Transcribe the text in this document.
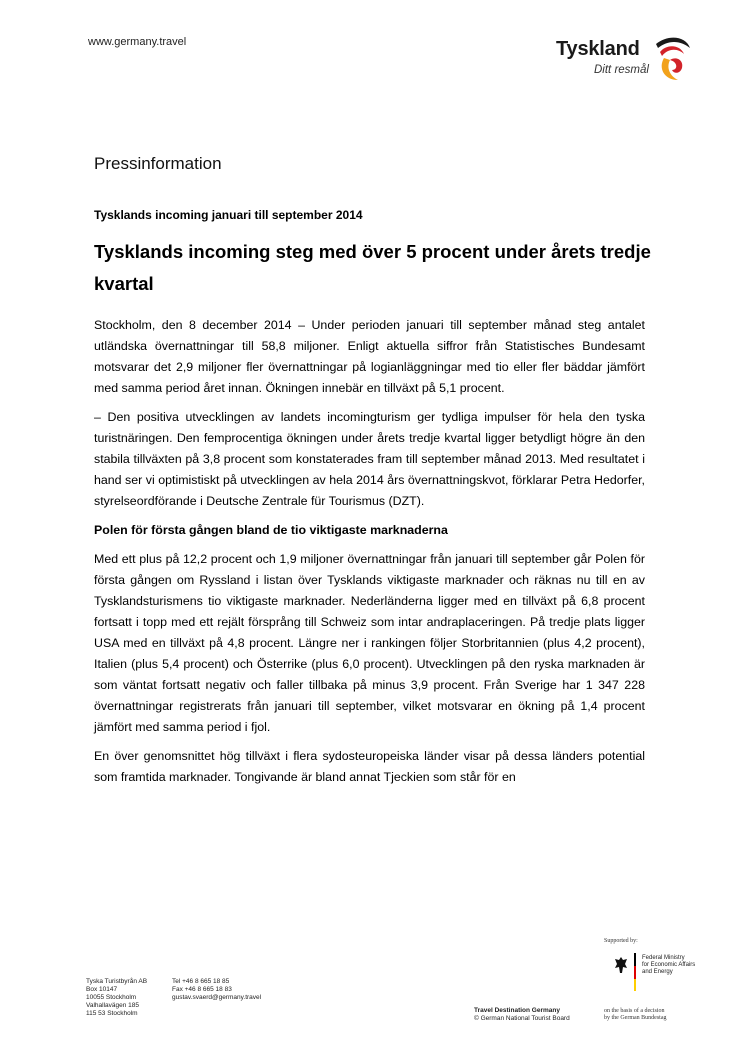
www.germany.travel	Tyskland
Ditt resmål
Pressinformation
Tysklands incoming januari till september 2014
Tysklands incoming steg med över 5 procent under årets tredje kvartal

Stockholm, den 8 december 2014 – Under perioden januari till september månad steg antalet utländska övernattningar till 58,8 miljoner. Enligt aktuella siffror från Statistisches Bundesamt motsvarar det 2,9 miljoner fler övernattningar på logianläggningar med tio eller fler bäddar jämfört med samma period året innan. Ökningen innebär en tillväxt på 5,1 procent.

– Den positiva utvecklingen av landets incomingturism ger tydliga impulser för hela den tyska turistnäringen. Den femprocentiga ökningen under årets tredje kvartal ligger betydligt högre än den stabila tillväxten på 3,8 procent som konstaterades fram till september månad 2013. Med resultatet i hand ser vi optimistiskt på utvecklingen av hela 2014 års övernattningskvot, förklarar Petra Hedorfer, styrelseordförande i Deutsche Zentrale für Tourismus (DZT).

Polen för första gången bland de tio viktigaste marknaderna

Med ett plus på 12,2 procent och 1,9 miljoner övernattningar från januari till september går Polen för första gången om Ryssland i listan över Tysklands viktigaste marknader och räknas nu till en av Tysklandsturismens tio viktigaste marknader. Nederländerna ligger med en tillväxt på 6,8 procent fortsatt i topp med ett rejält försprång till Schweiz som intar andraplaceringen. På tredje plats ligger USA med en tillväxt på 4,8 procent. Längre ner i rankingen följer Storbritannien (plus 4,2 procent), Italien (plus 5,4 procent) och Österrike (plus 6,0 procent). Utvecklingen på den ryska marknaden är som väntat fortsatt negativ och faller tillbaka på minus 3,9 procent. Från Sverige har 1 347 228 övernattningar registrerats från januari till september, vilket motsvarar en ökning på 1,4 procent jämfört med samma period i fjol.

En över genomsnittet hög tillväxt i flera sydosteuropeiska länder visar på dessa länders potential som framtida marknader. Tongivande är bland annat Tjeckien som står för en

Tyska Turistbyrån AB
Box 10147
10055 Stockholm
Valhallavägen 185
115 53 Stockholm
Tel +46 8 665 18 85
Fax +46 8 665 18 83
gustav.svaerd@germany.travel
Travel Destination Germany
© German National Tourist Board
Supported by:
Federal Ministry
for Economic Affairs
and Energy
on the basis of a decision
by the German Bundestag
